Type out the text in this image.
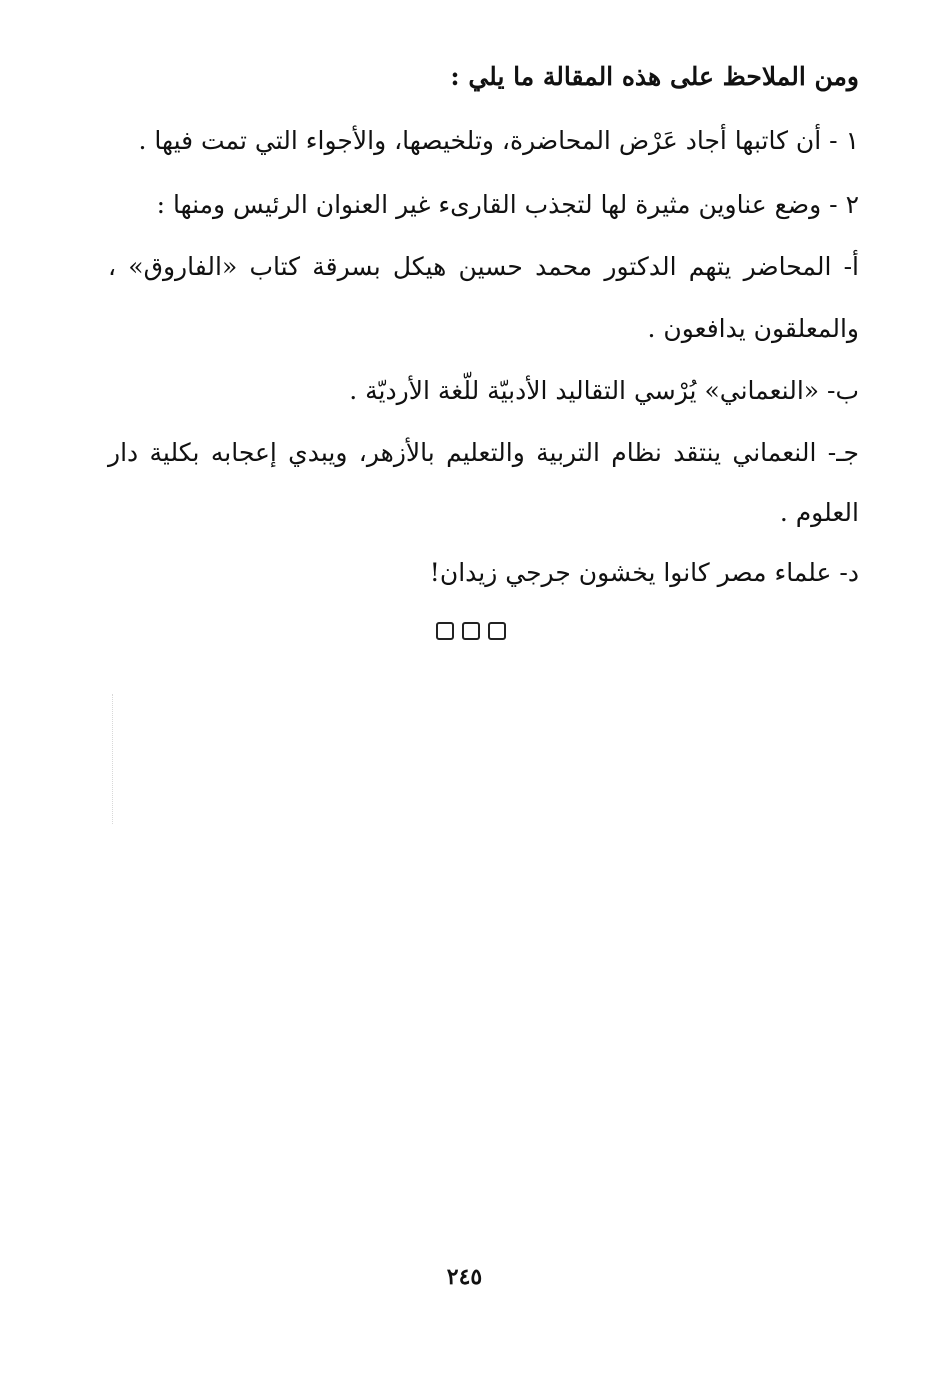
ومن الملاحظ على هذه المقالة ما يلي :
١ - أن كاتبها أجاد عَرْض المحاضرة، وتلخيصها، والأجواء التي تمت فيها .
٢ - وضع عناوين مثيرة لها لتجذب القارىء غير العنوان الرئيس ومنها :
أ- المحاضر يتهم الدكتور محمد حسين هيكل بسرقة كتاب «الفاروق» ،
والمعلقون يدافعون .
ب- «النعماني» يُرْسي التقاليد الأدبيّة للّغة الأرديّة .
جـ- النعماني ينتقد نظام التربية والتعليم بالأزهر، ويبدي إعجابه بكلية دار
العلوم .
د- علماء مصر كانوا يخشون جرجي زيدان!
٢٤٥
